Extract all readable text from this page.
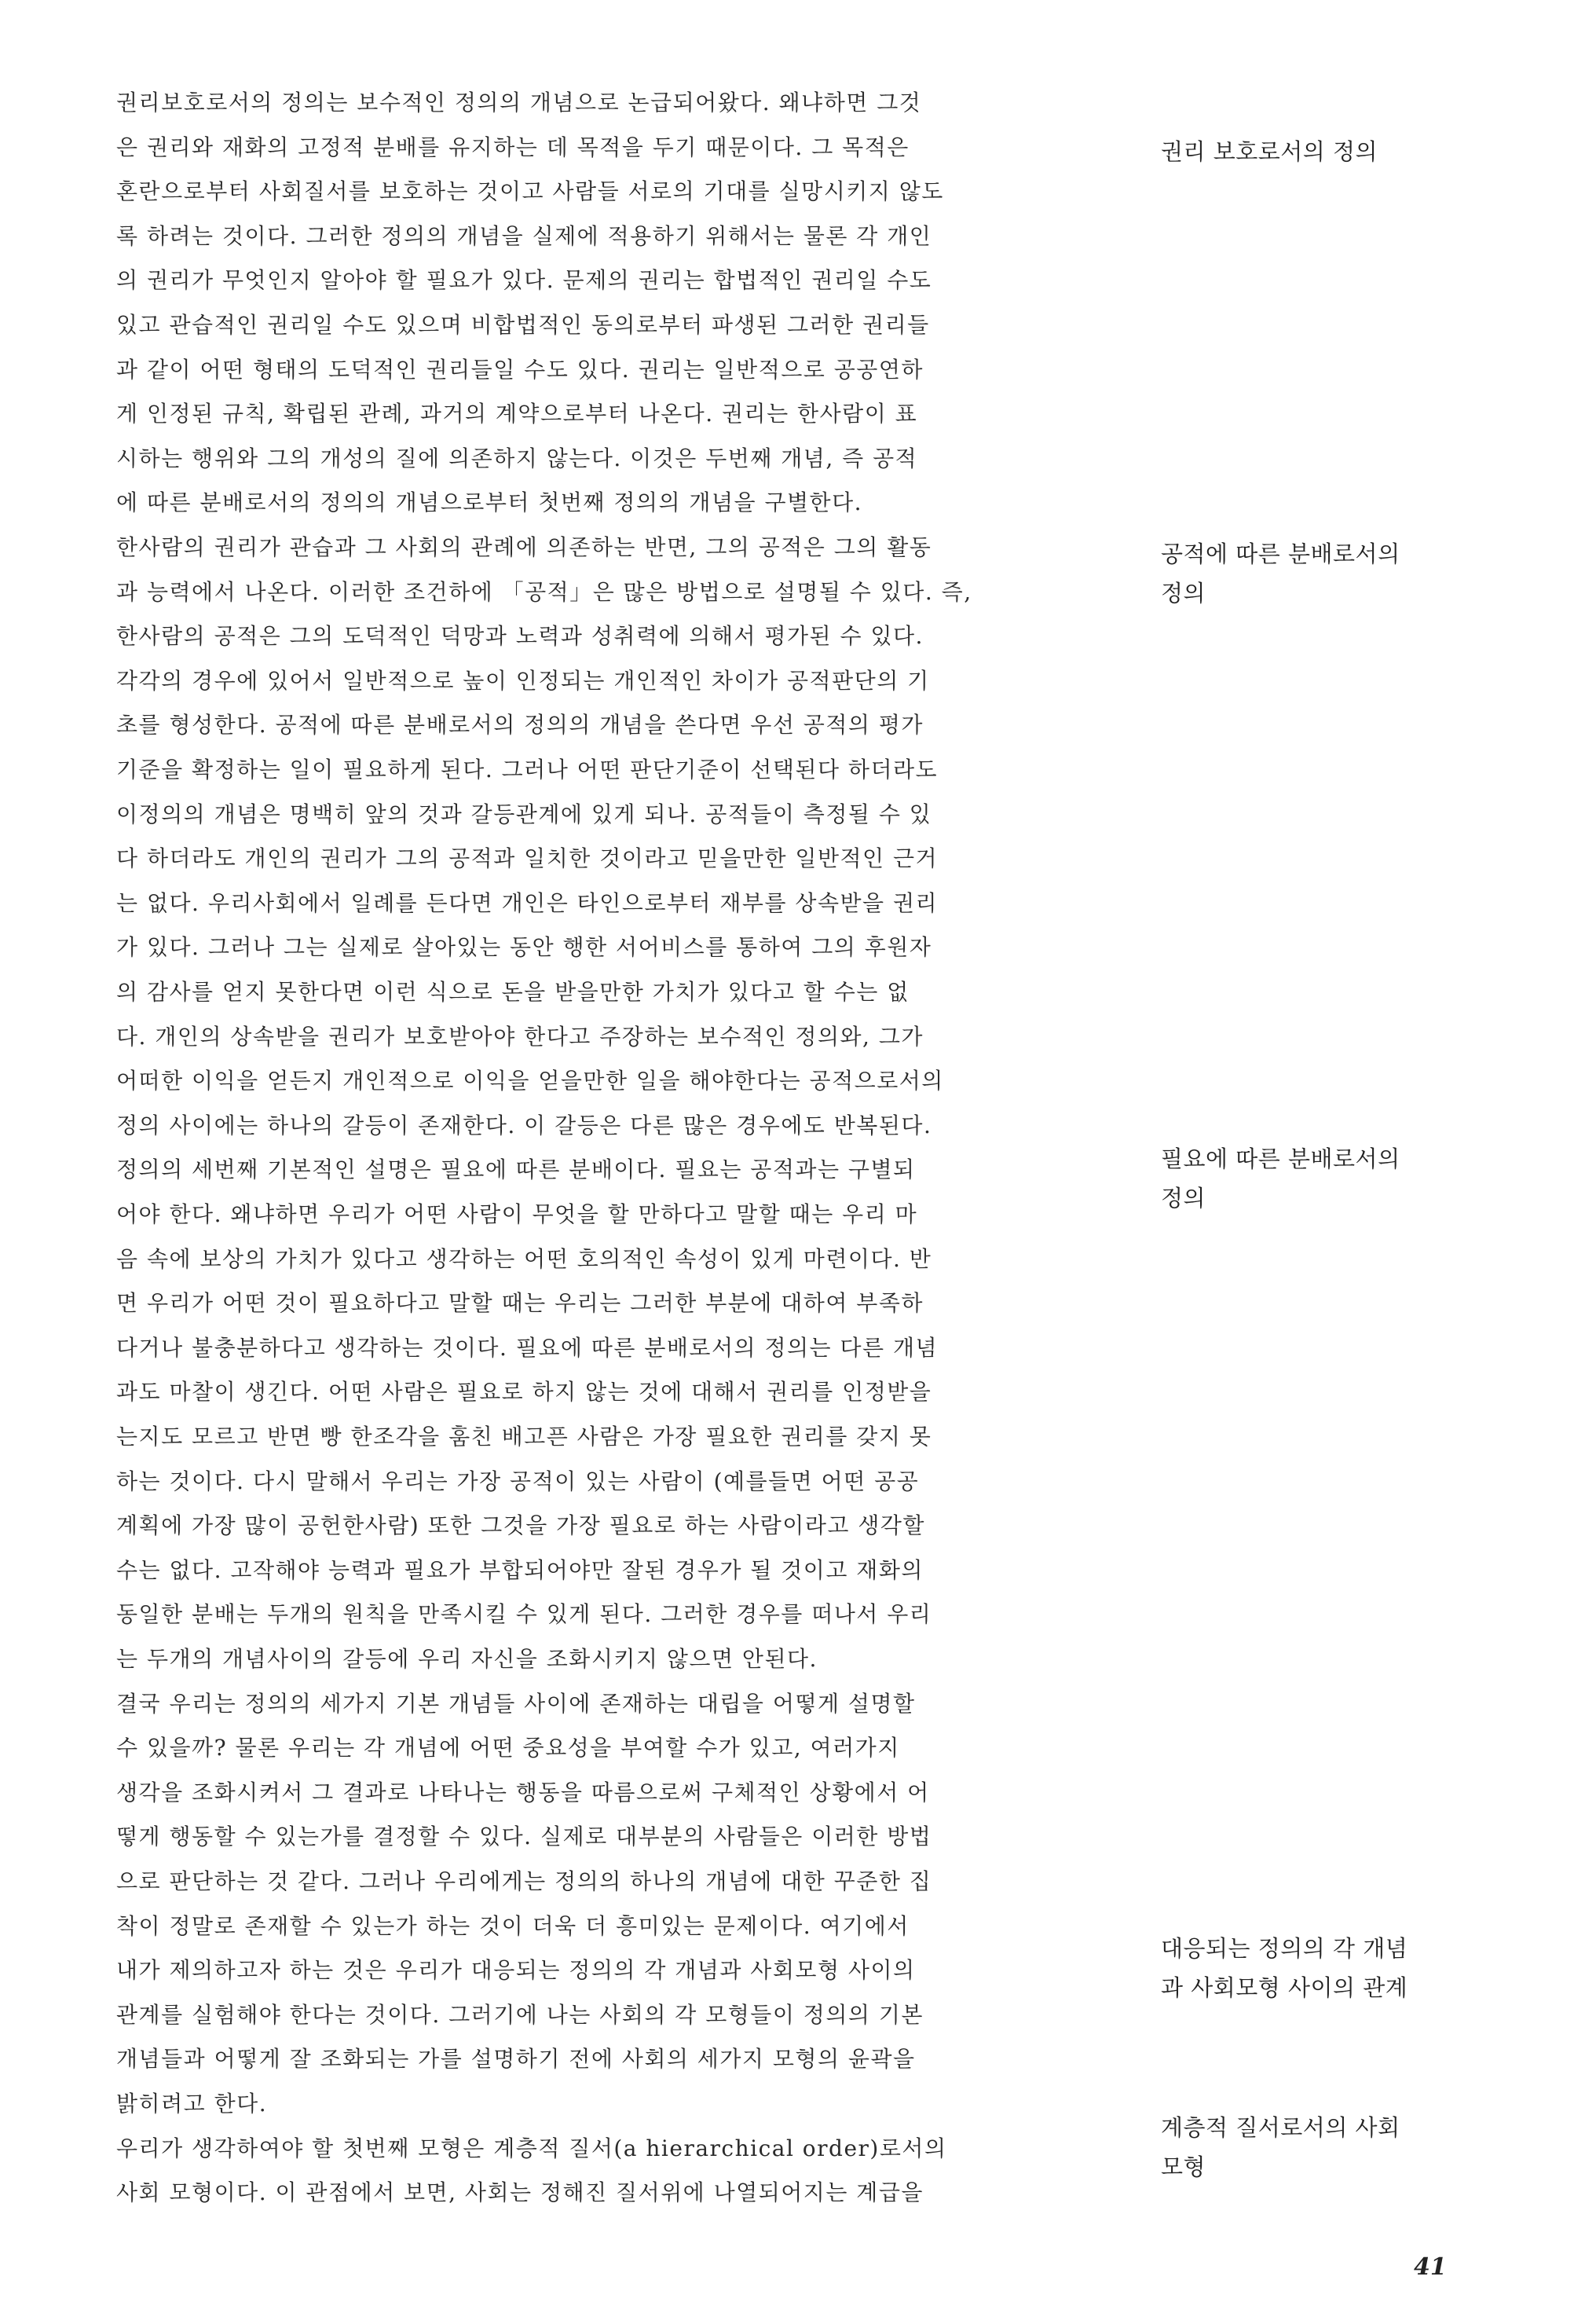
권리보호로서의 정의는 보수적인 정의의 개념으로 논급되어왔다. 왜냐하면 그것
은 권리와 재화의 고정적 분배를 유지하는 데 목적을 두기 때문이다. 그 목적은
혼란으로부터 사회질서를 보호하는 것이고 사람들 서로의 기대를 실망시키지 않도
록 하려는 것이다. 그러한 정의의 개념을 실제에 적용하기 위해서는 물론 각 개인
의 권리가 무엇인지 알아야 할 필요가 있다. 문제의 권리는 합법적인 권리일 수도
있고 관습적인 권리일 수도 있으며 비합법적인 동의로부터 파생된 그러한 권리들
과 같이 어떤 형태의 도덕적인 권리들일 수도 있다. 권리는 일반적으로 공공연하
게 인정된 규칙, 확립된 관례, 과거의 계약으로부터 나온다. 권리는 한사람이 표
시하는 행위와 그의 개성의 질에 의존하지 않는다. 이것은 두번째 개념, 즉 공적
에 따른 분배로서의 정의의 개념으로부터 첫번째 정의의 개념을 구별한다.
한사람의 권리가 관습과 그 사회의 관례에 의존하는 반면, 그의 공적은 그의 활동
과 능력에서 나온다. 이러한 조건하에 「공적」은 많은 방법으로 설명될 수 있다. 즉,
한사람의 공적은 그의 도덕적인 덕망과 노력과 성취력에 의해서 평가된 수 있다.
각각의 경우에 있어서 일반적으로 높이 인정되는 개인적인 차이가 공적판단의 기
초를 형성한다. 공적에 따른 분배로서의 정의의 개념을 쓴다면 우선 공적의 평가
기준을 확정하는 일이 필요하게 된다. 그러나 어떤 판단기준이 선택된다 하더라도
이정의의 개념은 명백히 앞의 것과 갈등관계에 있게 되나. 공적들이 측정될 수 있
다 하더라도 개인의 권리가 그의 공적과 일치한 것이라고 믿을만한 일반적인 근거
는 없다. 우리사회에서 일례를 든다면 개인은 타인으로부터 재부를 상속받을 권리
가 있다. 그러나 그는 실제로 살아있는 동안 행한 서어비스를 통하여 그의 후원자
의 감사를 얻지 못한다면 이런 식으로 돈을 받을만한 가치가 있다고 할 수는 없
다. 개인의 상속받을 권리가 보호받아야 한다고 주장하는 보수적인 정의와, 그가
어떠한 이익을 얻든지 개인적으로 이익을 얻을만한 일을 해야한다는 공적으로서의
정의 사이에는 하나의 갈등이 존재한다. 이 갈등은 다른 많은 경우에도 반복된다.
정의의 세번째 기본적인 설명은 필요에 따른 분배이다. 필요는 공적과는 구별되
어야 한다. 왜냐하면 우리가 어떤 사람이 무엇을 할 만하다고 말할 때는 우리 마
음 속에 보상의 가치가 있다고 생각하는 어떤 호의적인 속성이 있게 마련이다. 반
면 우리가 어떤 것이 필요하다고 말할 때는 우리는 그러한 부분에 대하여 부족하
다거나 불충분하다고 생각하는 것이다. 필요에 따른 분배로서의 정의는 다른 개념
과도 마찰이 생긴다. 어떤 사람은 필요로 하지 않는 것에 대해서 권리를 인정받을
는지도 모르고 반면 빵 한조각을 훔친 배고픈 사람은 가장 필요한 권리를 갖지 못
하는 것이다. 다시 말해서 우리는 가장 공적이 있는 사람이 (예를들면 어떤 공공
계획에 가장 많이 공헌한사람) 또한 그것을 가장 필요로 하는 사람이라고 생각할
수는 없다. 고작해야 능력과 필요가 부합되어야만 잘된 경우가 될 것이고 재화의
동일한 분배는 두개의 원칙을 만족시킬 수 있게 된다. 그러한 경우를 떠나서 우리
는 두개의 개념사이의 갈등에 우리 자신을 조화시키지 않으면 안된다.
결국 우리는 정의의 세가지 기본 개념들 사이에 존재하는 대립을 어떻게 설명할
수 있을까? 물론 우리는 각 개념에 어떤 중요성을 부여할 수가 있고, 여러가지
생각을 조화시켜서 그 결과로 나타나는 행동을 따름으로써 구체적인 상황에서 어
떻게 행동할 수 있는가를 결정할 수 있다. 실제로 대부분의 사람들은 이러한 방법
으로 판단하는 것 같다. 그러나 우리에게는 정의의 하나의 개념에 대한 꾸준한 집
착이 정말로 존재할 수 있는가 하는 것이 더욱 더 흥미있는 문제이다. 여기에서
내가 제의하고자 하는 것은 우리가 대응되는 정의의 각 개념과 사회모형 사이의
관계를 실험해야 한다는 것이다. 그러기에 나는 사회의 각 모형들이 정의의 기본
개념들과 어떻게 잘 조화되는 가를 설명하기 전에 사회의 세가지 모형의 윤곽을
밝히려고 한다.
우리가 생각하여야 할 첫번째 모형은 계층적 질서(a hierarchical order)로서의
사회 모형이다. 이 관점에서 보면, 사회는 정해진 질서위에 나열되어지는 계급을
권리 보호로서의 정의
공적에 따른 분배로서의
정의
필요에 따른 분배로서의
정의
대응되는 정의의 각 개념
과 사회모형 사이의 관계
계층적 질서로서의 사회
모형
41
